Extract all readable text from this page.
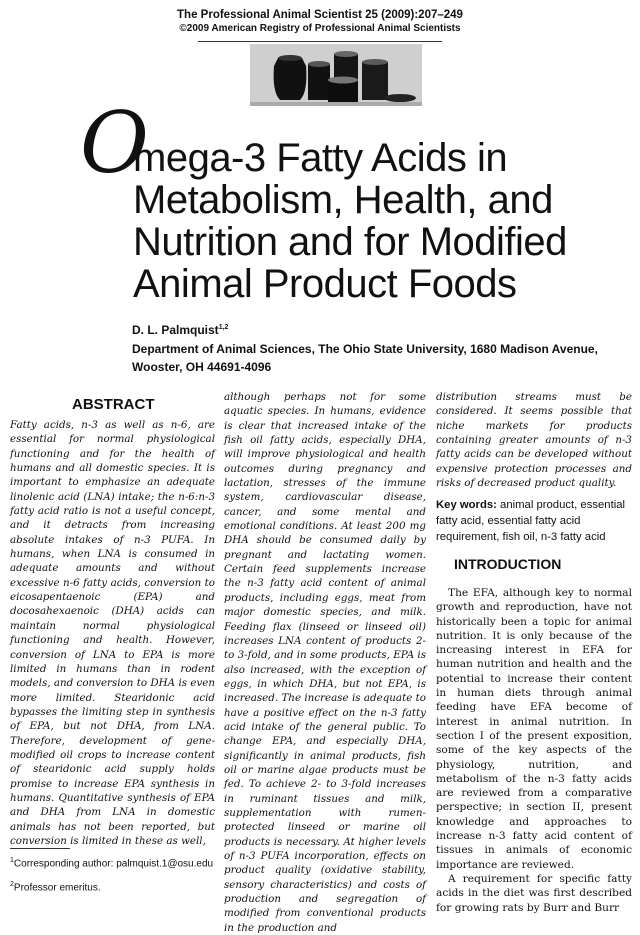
The Professional Animal Scientist 25 (2009):207–249
©2009 American Registry of Professional Animal Scientists
O
mega-3 Fatty Acids in
Metabolism, Health, and
Nutrition and for Modified
Animal Product Foods
D. L. Palmquist$^{1,2}$
Department of Animal Sciences, The Ohio State University, 1680 Madison Avenue,
Wooster, OH 44691-4096
ABSTRACT
Fatty acids, n-3 as well as n-6, are essential for normal physiological functioning and for the health of humans and all domestic species. It is important to emphasize an adequate linolenic acid (LNA) intake; the n-6:n-3 fatty acid ratio is not a useful concept, and it detracts from increasing absolute intakes of n-3 PUFA. In humans, when LNA is consumed in adequate amounts and without excessive n-6 fatty acids, conversion to eicosapentaenoic (EPA) and docosahexaenoic (DHA) acids can maintain normal physiological functioning and health. However, conversion of LNA to EPA is more limited in humans than in rodent models, and conversion to DHA is even more limited. Stearidonic acid bypasses the limiting step in synthesis of EPA, but not DHA, from LNA. Therefore, development of gene-modified oil crops to increase content of stearidonic acid supply holds promise to increase EPA synthesis in humans. Quantitative synthesis of EPA and DHA from LNA in domestic animals has not been reported, but conversion is limited in these as well,
although perhaps not for some aquatic species. In humans, evidence is clear that increased intake of the fish oil fatty acids, especially DHA, will improve physiological and health outcomes during pregnancy and lactation, stresses of the immune system, cardiovascular disease, cancer, and some mental and emotional conditions. At least 200 mg DHA should be consumed daily by pregnant and lactating women. Certain feed supplements increase the n-3 fatty acid content of animal products, including eggs, meat from major domestic species, and milk. Feeding flax (linseed or linseed oil) increases LNA content of products 2- to 3-fold, and in some products, EPA is also increased, with the exception of eggs, in which DHA, but not EPA, is increased. The increase is adequate to have a positive effect on the n-3 fatty acid intake of the general public. To change EPA, and especially DHA, significantly in animal products, fish oil or marine algae products must be fed. To achieve 2- to 3-fold increases in ruminant tissues and milk, supplementation with rumen-protected linseed or marine oil products is necessary. At higher levels of n-3 PUFA incorporation, effects on product quality (oxidative stability, sensory characteristics) and costs of production and segregation of modified from conventional products in the production and
distribution streams must be considered. It seems possible that niche markets for products containing greater amounts of n-3 fatty acids can be developed without expensive protection processes and risks of decreased product quality.
Key words: animal product, essential fatty acid, essential fatty acid requirement, fish oil, n-3 fatty acid
INTRODUCTION

The EFA, although key to normal growth and reproduction, have not historically been a topic for animal nutrition. It is only because of the increasing interest in EFA for human nutrition and health and the potential to increase their content in human diets through animal feeding have EFA become of interest in animal nutrition. In section I of the present exposition, some of the key aspects of the physiology, nutrition, and metabolism of the n-3 fatty acids are reviewed from a comparative perspective; in section II, present knowledge and approaches to increase n-3 fatty acid content of tissues in animals of economic importance are reviewed.

A requirement for specific fatty acids in the diet was first described for growing rats by Burr and Burr

$^1$Corresponding author: palmquist.1@osu.edu
$^2$Professor emeritus.
